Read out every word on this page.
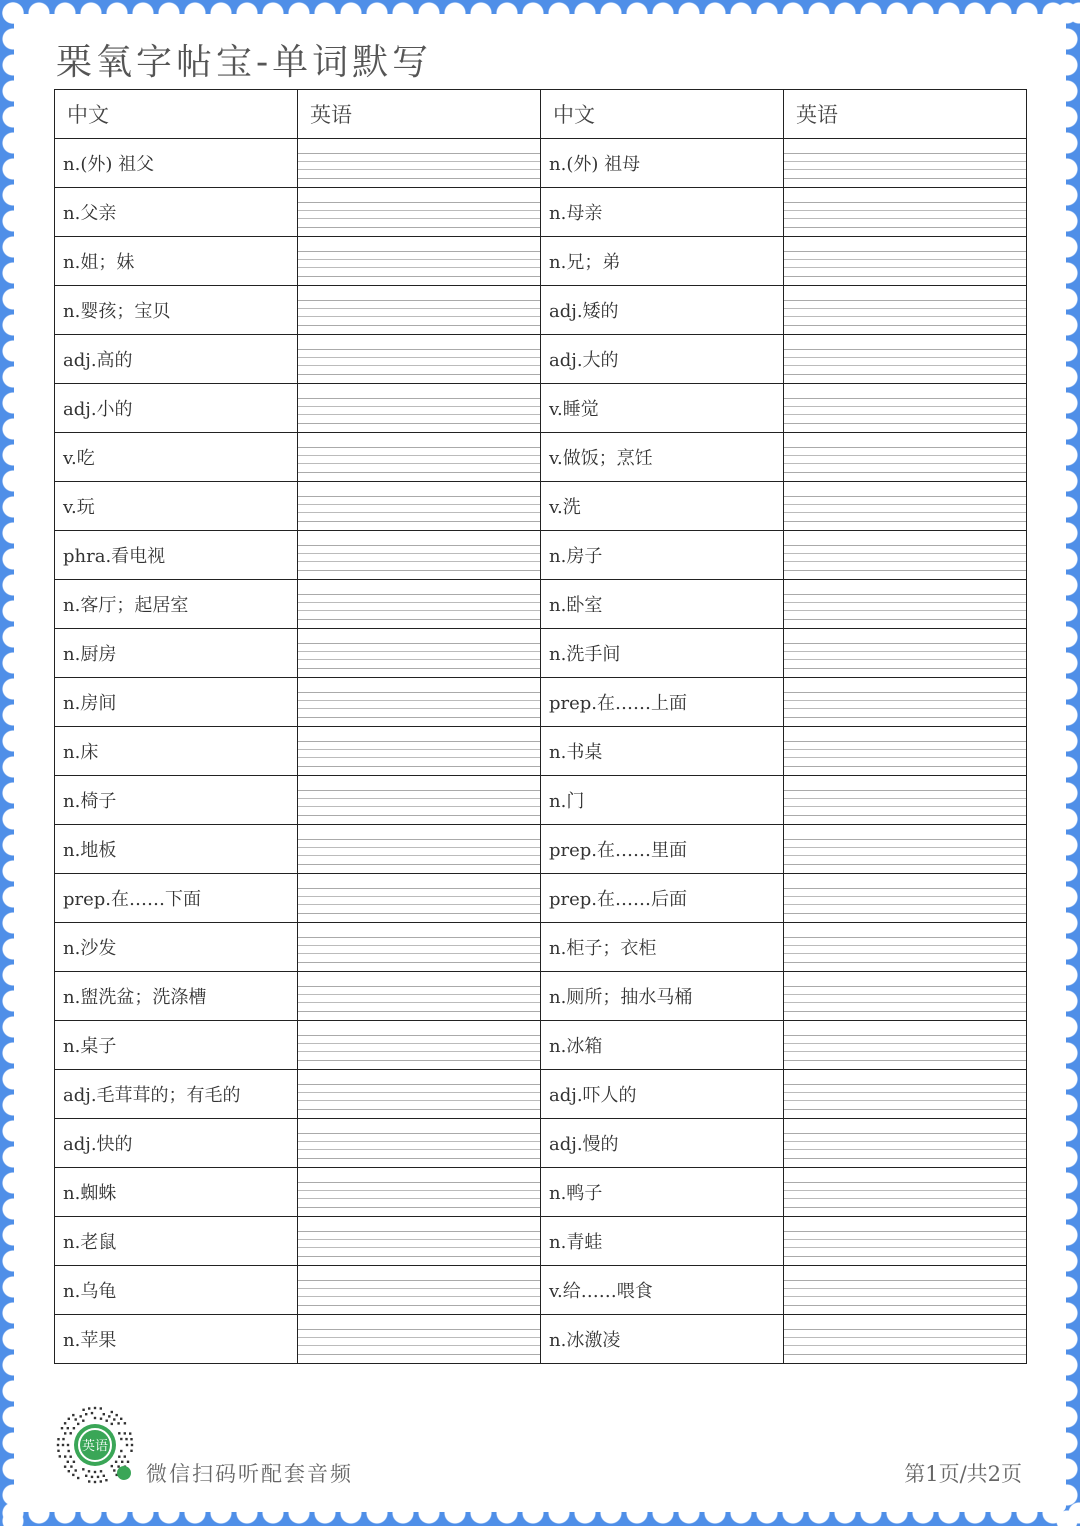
栗氧字帖宝-单词默写
中文	英语	中文	英语
n.(外) 祖父		n.(外) 祖母	

n.父亲		n.母亲	

n.姐；妹		n.兄；弟	

n.婴孩；宝贝		adj.矮的	

adj.高的		adj.大的	

adj.小的		v.睡觉	

v.吃		v.做饭；烹饪	

v.玩		v.洗	

phra.看电视		n.房子	

n.客厅；起居室		n.卧室	

n.厨房		n.洗手间	

n.房间		prep.在……上面	

n.床		n.书桌	

n.椅子		n.门	

n.地板		prep.在……里面	

prep.在……下面		prep.在……后面	

n.沙发		n.柜子；衣柜	

n.盥洗盆；洗涤槽		n.厕所；抽水马桶	

n.桌子		n.冰箱	

adj.毛茸茸的；有毛的		adj.吓人的	

adj.快的		adj.慢的	

n.蜘蛛		n.鸭子	

n.老鼠		n.青蛙	

n.乌龟		v.给……喂食	

n.苹果		n.冰激凌	
英语
微信扫码听配套音频	第1页/共2页
